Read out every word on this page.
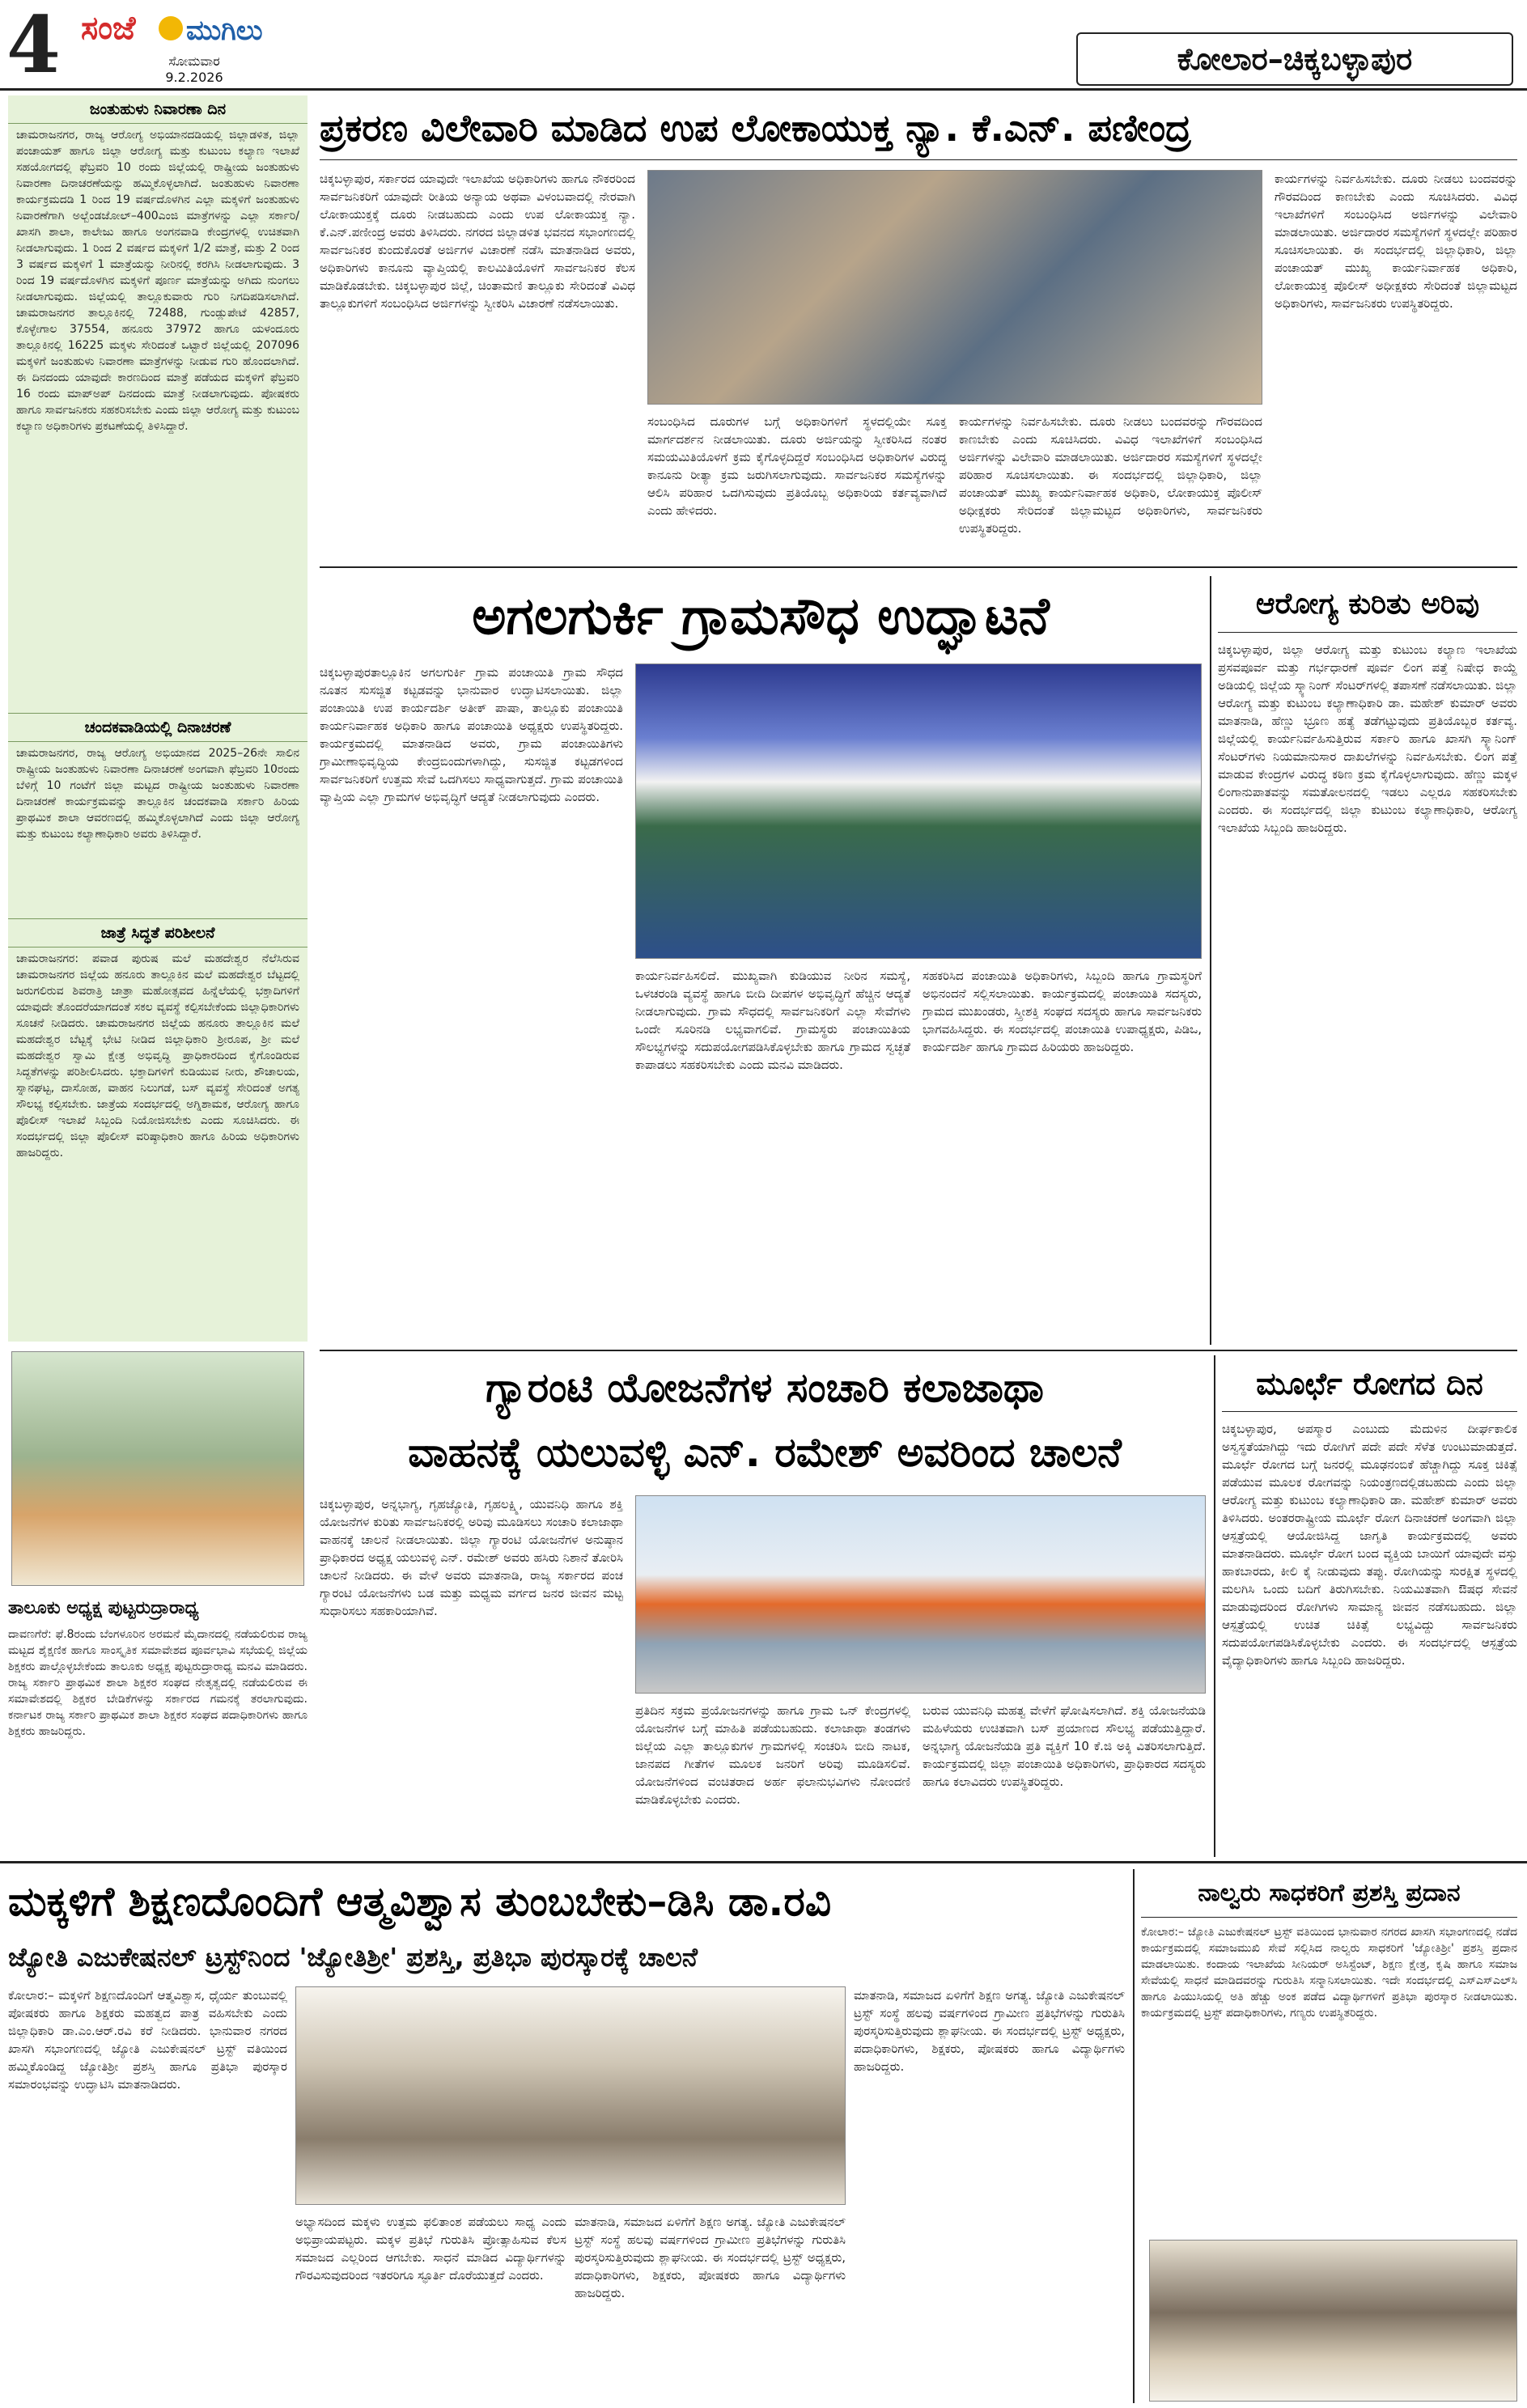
4 ಸಂಜೆ ಮುಗಿಲು
ಸೋಮವಾರ
9.2.2026
ಕೋಲಾರ–ಚಿಕ್ಕಬಳ್ಳಾಪುರ
ಜಂತುಹುಳು ನಿವಾರಣಾ ದಿನ
ಚಾಮರಾಜನಗರ, ರಾಜ್ಯ ಆರೋಗ್ಯ ಅಭಿಯಾನದಡಿಯಲ್ಲಿ ಜಿಲ್ಲಾಡಳಿತ, ಜಿಲ್ಲಾ ಪಂಚಾಯತ್ ಹಾಗೂ ಜಿಲ್ಲಾ ಆರೋಗ್ಯ ಮತ್ತು ಕುಟುಂಬ ಕಲ್ಯಾಣ ಇಲಾಖೆ ಸಹಯೋಗದಲ್ಲಿ ಫೆಬ್ರವರಿ 10 ರಂದು ಜಿಲ್ಲೆಯಲ್ಲಿ ರಾಷ್ಟ್ರೀಯ ಜಂತುಹುಳು ನಿವಾರಣಾ ದಿನಾಚರಣೆಯನ್ನು ಹಮ್ಮಿಕೊಳ್ಳಲಾಗಿದೆ. ಜಂತುಹುಳು ನಿವಾರಣಾ ಕಾರ್ಯಕ್ರಮದಡಿ 1 ರಿಂದ 19 ವರ್ಷದೊಳಗಿನ ಎಲ್ಲಾ ಮಕ್ಕಳಿಗೆ ಜಂತುಹುಳು ನಿವಾರಣೆಗಾಗಿ ಅಲ್ಬೆಂಡಜೋಲ್–400ಎಂಜಿ ಮಾತ್ರೆಗಳನ್ನು ಎಲ್ಲಾ ಸರ್ಕಾರಿ/ಖಾಸಗಿ ಶಾಲಾ, ಕಾಲೇಜು ಹಾಗೂ ಅಂಗನವಾಡಿ ಕೇಂದ್ರಗಳಲ್ಲಿ ಉಚಿತವಾಗಿ ನೀಡಲಾಗುವುದು. 1 ರಿಂದ 2 ವರ್ಷದ ಮಕ್ಕಳಿಗೆ 1/2 ಮಾತ್ರೆ, ಮತ್ತು 2 ರಿಂದ 3 ವರ್ಷದ ಮಕ್ಕಳಿಗೆ 1 ಮಾತ್ರೆಯನ್ನು ನೀರಿನಲ್ಲಿ ಕರಗಿಸಿ ನೀಡಲಾಗುವುದು. 3 ರಿಂದ 19 ವರ್ಷದೊಳಗಿನ ಮಕ್ಕಳಿಗೆ ಪೂರ್ಣ ಮಾತ್ರೆಯನ್ನು ಅಗಿದು ನುಂಗಲು ನೀಡಲಾಗುವುದು. ಜಿಲ್ಲೆಯಲ್ಲಿ ತಾಲ್ಲೂಕುವಾರು ಗುರಿ ನಿಗದಿಪಡಿಸಲಾಗಿದೆ. ಚಾಮರಾಜನಗರ ತಾಲ್ಲೂಕಿನಲ್ಲಿ 72488, ಗುಂಡ್ಲುಪೇಟೆ 42857, ಕೊಳ್ಳೇಗಾಲ 37554, ಹನೂರು 37972 ಹಾಗೂ ಯಳಂದೂರು ತಾಲ್ಲೂಕಿನಲ್ಲಿ 16225 ಮಕ್ಕಳು ಸೇರಿದಂತೆ ಒಟ್ಟಾರೆ ಜಿಲ್ಲೆಯಲ್ಲಿ 207096 ಮಕ್ಕಳಿಗೆ ಜಂತುಹುಳು ನಿವಾರಣಾ ಮಾತ್ರೆಗಳನ್ನು ನೀಡುವ ಗುರಿ ಹೊಂದಲಾಗಿದೆ. ಈ ದಿನದಂದು ಯಾವುದೇ ಕಾರಣದಿಂದ ಮಾತ್ರೆ ಪಡೆಯದ ಮಕ್ಕಳಿಗೆ ಫೆಬ್ರವರಿ 16 ರಂದು ಮಾಪ್‌ಅಪ್ ದಿನದಂದು ಮಾತ್ರೆ ನೀಡಲಾಗುವುದು. ಪೋಷಕರು ಹಾಗೂ ಸಾರ್ವಜನಿಕರು ಸಹಕರಿಸಬೇಕು ಎಂದು ಜಿಲ್ಲಾ ಆರೋಗ್ಯ ಮತ್ತು ಕುಟುಂಬ ಕಲ್ಯಾಣ ಅಧಿಕಾರಿಗಳು ಪ್ರಕಟಣೆಯಲ್ಲಿ ತಿಳಿಸಿದ್ದಾರೆ.
ಚಂದಕವಾಡಿಯಲ್ಲಿ ದಿನಾಚರಣೆ
ಚಾಮರಾಜನಗರ, ರಾಜ್ಯ ಆರೋಗ್ಯ ಅಭಿಯಾನದ 2025–26ನೇ ಸಾಲಿನ ರಾಷ್ಟ್ರೀಯ ಜಂತುಹುಳು ನಿವಾರಣಾ ದಿನಾಚರಣೆ ಅಂಗವಾಗಿ ಫೆಬ್ರವರಿ 10ರಂದು ಬೆಳಿಗ್ಗೆ 10 ಗಂಟೆಗೆ ಜಿಲ್ಲಾ ಮಟ್ಟದ ರಾಷ್ಟ್ರೀಯ ಜಂತುಹುಳು ನಿವಾರಣಾ ದಿನಾಚರಣೆ ಕಾರ್ಯಕ್ರಮವನ್ನು ತಾಲ್ಲೂಕಿನ ಚಂದಕವಾಡಿ ಸರ್ಕಾರಿ ಹಿರಿಯ ಪ್ರಾಥಮಿಕ ಶಾಲಾ ಆವರಣದಲ್ಲಿ ಹಮ್ಮಿಕೊಳ್ಳಲಾಗಿದೆ ಎಂದು ಜಿಲ್ಲಾ ಆರೋಗ್ಯ ಮತ್ತು ಕುಟುಂಬ ಕಲ್ಯಾಣಾಧಿಕಾರಿ ಅವರು ತಿಳಿಸಿದ್ದಾರೆ.
ಜಾತ್ರೆ ಸಿದ್ಧತೆ ಪರಿಶೀಲನೆ
ಚಾಮರಾಜನಗರ: ಪವಾಡ ಪುರುಷ ಮಲೆ ಮಹದೇಶ್ವರ ನೆಲೆಸಿರುವ ಚಾಮರಾಜನಗರ ಜಿಲ್ಲೆಯ ಹನೂರು ತಾಲ್ಲೂಕಿನ ಮಲೆ ಮಹದೇಶ್ವರ ಬೆಟ್ಟದಲ್ಲಿ ಜರುಗಲಿರುವ ಶಿವರಾತ್ರಿ ಜಾತ್ರಾ ಮಹೋತ್ಸವದ ಹಿನ್ನೆಲೆಯಲ್ಲಿ ಭಕ್ತಾದಿಗಳಿಗೆ ಯಾವುದೇ ತೊಂದರೆಯಾಗದಂತೆ ಸಕಲ ವ್ಯವಸ್ಥೆ ಕಲ್ಪಿಸಬೇಕೆಂದು ಜಿಲ್ಲಾಧಿಕಾರಿಗಳು ಸೂಚನೆ ನೀಡಿದರು. ಚಾಮರಾಜನಗರ ಜಿಲ್ಲೆಯ ಹನೂರು ತಾಲ್ಲೂಕಿನ ಮಲೆ ಮಹದೇಶ್ವರ ಬೆಟ್ಟಕ್ಕೆ ಭೇಟಿ ನೀಡಿದ ಜಿಲ್ಲಾಧಿಕಾರಿ ಶ್ರೀರೂಪ, ಶ್ರೀ ಮಲೆ ಮಹದೇಶ್ವರ ಸ್ವಾಮಿ ಕ್ಷೇತ್ರ ಅಭಿವೃದ್ಧಿ ಪ್ರಾಧಿಕಾರದಿಂದ ಕೈಗೊಂಡಿರುವ ಸಿದ್ಧತೆಗಳನ್ನು ಪರಿಶೀಲಿಸಿದರು. ಭಕ್ತಾದಿಗಳಿಗೆ ಕುಡಿಯುವ ನೀರು, ಶೌಚಾಲಯ, ಸ್ನಾನಘಟ್ಟ, ದಾಸೋಹ, ವಾಹನ ನಿಲುಗಡೆ, ಬಸ್ ವ್ಯವಸ್ಥೆ ಸೇರಿದಂತೆ ಅಗತ್ಯ ಸೌಲಭ್ಯ ಕಲ್ಪಿಸಬೇಕು. ಜಾತ್ರೆಯ ಸಂದರ್ಭದಲ್ಲಿ ಅಗ್ನಿಶಾಮಕ, ಆರೋಗ್ಯ ಹಾಗೂ ಪೊಲೀಸ್ ಇಲಾಖೆ ಸಿಬ್ಬಂದಿ ನಿಯೋಜಿಸಬೇಕು ಎಂದು ಸೂಚಿಸಿದರು. ಈ ಸಂದರ್ಭದಲ್ಲಿ ಜಿಲ್ಲಾ ಪೊಲೀಸ್ ವರಿಷ್ಠಾಧಿಕಾರಿ ಹಾಗೂ ಹಿರಿಯ ಅಧಿಕಾರಿಗಳು ಹಾಜರಿದ್ದರು.
ತಾಲೂಕು ಅಧ್ಯಕ್ಷ ಪುಟ್ಟರುದ್ರಾರಾಧ್ಯ
ದಾವಣಗೆರೆ: ಫೆ.8ರಂದು ಬೆಂಗಳೂರಿನ ಅರಮನೆ ಮೈದಾನದಲ್ಲಿ ನಡೆಯಲಿರುವ ರಾಜ್ಯ ಮಟ್ಟದ ಶೈಕ್ಷಣಿಕ ಹಾಗೂ ಸಾಂಸ್ಕೃತಿಕ ಸಮಾವೇಶದ ಪೂರ್ವಭಾವಿ ಸಭೆಯಲ್ಲಿ ಜಿಲ್ಲೆಯ ಶಿಕ್ಷಕರು ಪಾಲ್ಗೊಳ್ಳಬೇಕೆಂದು ತಾಲೂಕು ಅಧ್ಯಕ್ಷ ಪುಟ್ಟರುದ್ರಾರಾಧ್ಯ ಮನವಿ ಮಾಡಿದರು. ರಾಜ್ಯ ಸರ್ಕಾರಿ ಪ್ರಾಥಮಿಕ ಶಾಲಾ ಶಿಕ್ಷಕರ ಸಂಘದ ನೇತೃತ್ವದಲ್ಲಿ ನಡೆಯಲಿರುವ ಈ ಸಮಾವೇಶದಲ್ಲಿ ಶಿಕ್ಷಕರ ಬೇಡಿಕೆಗಳನ್ನು ಸರ್ಕಾರದ ಗಮನಕ್ಕೆ ತರಲಾಗುವುದು. ಕರ್ನಾಟಕ ರಾಜ್ಯ ಸರ್ಕಾರಿ ಪ್ರಾಥಮಿಕ ಶಾಲಾ ಶಿಕ್ಷಕರ ಸಂಘದ ಪದಾಧಿಕಾರಿಗಳು ಹಾಗೂ ಶಿಕ್ಷಕರು ಹಾಜರಿದ್ದರು.
ಪ್ರಕರಣ ವಿಲೇವಾರಿ ಮಾಡಿದ ಉಪ ಲೋಕಾಯುಕ್ತ ನ್ಯಾ. ಕೆ.ಎನ್. ಪಣೀಂದ್ರ
ಚಿಕ್ಕಬಳ್ಳಾಪುರ, ಸರ್ಕಾರದ ಯಾವುದೇ ಇಲಾಖೆಯ ಅಧಿಕಾರಿಗಳು ಹಾಗೂ ನೌಕರರಿಂದ ಸಾರ್ವಜನಿಕರಿಗೆ ಯಾವುದೇ ರೀತಿಯ ಅನ್ಯಾಯ ಅಥವಾ ವಿಳಂಬವಾದಲ್ಲಿ ನೇರವಾಗಿ ಲೋಕಾಯುಕ್ತಕ್ಕೆ ದೂರು ನೀಡಬಹುದು ಎಂದು ಉಪ ಲೋಕಾಯುಕ್ತ ನ್ಯಾ. ಕೆ.ಎನ್.ಪಣೀಂದ್ರ ಅವರು ತಿಳಿಸಿದರು. ನಗರದ ಜಿಲ್ಲಾಡಳಿತ ಭವನದ ಸಭಾಂಗಣದಲ್ಲಿ ಸಾರ್ವಜನಿಕರ ಕುಂದುಕೊರತೆ ಅರ್ಜಿಗಳ ವಿಚಾರಣೆ ನಡೆಸಿ ಮಾತನಾಡಿದ ಅವರು, ಅಧಿಕಾರಿಗಳು ಕಾನೂನು ವ್ಯಾಪ್ತಿಯಲ್ಲಿ ಕಾಲಮಿತಿಯೊಳಗೆ ಸಾರ್ವಜನಿಕರ ಕೆಲಸ ಮಾಡಿಕೊಡಬೇಕು. ಚಿಕ್ಕಬಳ್ಳಾಪುರ ಜಿಲ್ಲೆ, ಚಿಂತಾಮಣಿ ತಾಲ್ಲೂಕು ಸೇರಿದಂತೆ ವಿವಿಧ ತಾಲ್ಲೂಕುಗಳಿಗೆ ಸಂಬಂಧಿಸಿದ ಅರ್ಜಿಗಳನ್ನು ಸ್ವೀಕರಿಸಿ ವಿಚಾರಣೆ ನಡೆಸಲಾಯಿತು.
ಸಂಬಂಧಿಸಿದ ದೂರುಗಳ ಬಗ್ಗೆ ಅಧಿಕಾರಿಗಳಿಗೆ ಸ್ಥಳದಲ್ಲಿಯೇ ಸೂಕ್ತ ಮಾರ್ಗದರ್ಶನ ನೀಡಲಾಯಿತು. ದೂರು ಅರ್ಜಿಯನ್ನು ಸ್ವೀಕರಿಸಿದ ನಂತರ ಸಮಯಮಿತಿಯೊಳಗೆ ಕ್ರಮ ಕೈಗೊಳ್ಳದಿದ್ದರೆ ಸಂಬಂಧಿಸಿದ ಅಧಿಕಾರಿಗಳ ವಿರುದ್ಧ ಕಾನೂನು ರೀತ್ಯಾ ಕ್ರಮ ಜರುಗಿಸಲಾಗುವುದು. ಸಾರ್ವಜನಿಕರ ಸಮಸ್ಯೆಗಳನ್ನು ಆಲಿಸಿ ಪರಿಹಾರ ಒದಗಿಸುವುದು ಪ್ರತಿಯೊಬ್ಬ ಅಧಿಕಾರಿಯ ಕರ್ತವ್ಯವಾಗಿದೆ ಎಂದು ಹೇಳಿದರು.
ಕಾರ್ಯಗಳನ್ನು ನಿರ್ವಹಿಸಬೇಕು. ದೂರು ನೀಡಲು ಬಂದವರನ್ನು ಗೌರವದಿಂದ ಕಾಣಬೇಕು ಎಂದು ಸೂಚಿಸಿದರು. ವಿವಿಧ ಇಲಾಖೆಗಳಿಗೆ ಸಂಬಂಧಿಸಿದ ಅರ್ಜಿಗಳನ್ನು ವಿಲೇವಾರಿ ಮಾಡಲಾಯಿತು. ಅರ್ಜಿದಾರರ ಸಮಸ್ಯೆಗಳಿಗೆ ಸ್ಥಳದಲ್ಲೇ ಪರಿಹಾರ ಸೂಚಿಸಲಾಯಿತು. ಈ ಸಂದರ್ಭದಲ್ಲಿ ಜಿಲ್ಲಾಧಿಕಾರಿ, ಜಿಲ್ಲಾ ಪಂಚಾಯತ್ ಮುಖ್ಯ ಕಾರ್ಯನಿರ್ವಾಹಕ ಅಧಿಕಾರಿ, ಲೋಕಾಯುಕ್ತ ಪೊಲೀಸ್ ಅಧೀಕ್ಷಕರು ಸೇರಿದಂತೆ ಜಿಲ್ಲಾಮಟ್ಟದ ಅಧಿಕಾರಿಗಳು, ಸಾರ್ವಜನಿಕರು ಉಪಸ್ಥಿತರಿದ್ದರು.
ಕಾರ್ಯಗಳನ್ನು ನಿರ್ವಹಿಸಬೇಕು. ದೂರು ನೀಡಲು ಬಂದವರನ್ನು ಗೌರವದಿಂದ ಕಾಣಬೇಕು ಎಂದು ಸೂಚಿಸಿದರು. ವಿವಿಧ ಇಲಾಖೆಗಳಿಗೆ ಸಂಬಂಧಿಸಿದ ಅರ್ಜಿಗಳನ್ನು ವಿಲೇವಾರಿ ಮಾಡಲಾಯಿತು. ಅರ್ಜಿದಾರರ ಸಮಸ್ಯೆಗಳಿಗೆ ಸ್ಥಳದಲ್ಲೇ ಪರಿಹಾರ ಸೂಚಿಸಲಾಯಿತು. ಈ ಸಂದರ್ಭದಲ್ಲಿ ಜಿಲ್ಲಾಧಿಕಾರಿ, ಜಿಲ್ಲಾ ಪಂಚಾಯತ್ ಮುಖ್ಯ ಕಾರ್ಯನಿರ್ವಾಹಕ ಅಧಿಕಾರಿ, ಲೋಕಾಯುಕ್ತ ಪೊಲೀಸ್ ಅಧೀಕ್ಷಕರು ಸೇರಿದಂತೆ ಜಿಲ್ಲಾಮಟ್ಟದ ಅಧಿಕಾರಿಗಳು, ಸಾರ್ವಜನಿಕರು ಉಪಸ್ಥಿತರಿದ್ದರು.
ಅಗಲಗುರ್ಕಿ ಗ್ರಾಮಸೌಧ ಉದ್ಘಾಟನೆ
ಚಿಕ್ಕಬಳ್ಳಾಪುರತಾಲ್ಲೂಕಿನ ಅಗಲಗುರ್ಕಿ ಗ್ರಾಮ ಪಂಚಾಯಿತಿ ಗ್ರಾಮ ಸೌಧದ ನೂತನ ಸುಸಜ್ಜಿತ ಕಟ್ಟಡವನ್ನು ಭಾನುವಾರ ಉದ್ಘಾಟಿಸಲಾಯಿತು. ಜಿಲ್ಲಾ ಪಂಚಾಯಿತಿ ಉಪ ಕಾರ್ಯದರ್ಶಿ ಅತೀಕ್ ಪಾಷಾ, ತಾಲ್ಲೂಕು ಪಂಚಾಯಿತಿ ಕಾರ್ಯನಿರ್ವಾಹಕ ಅಧಿಕಾರಿ ಹಾಗೂ ಪಂಚಾಯಿತಿ ಅಧ್ಯಕ್ಷರು ಉಪಸ್ಥಿತರಿದ್ದರು. ಕಾರ್ಯಕ್ರಮದಲ್ಲಿ ಮಾತನಾಡಿದ ಅವರು, ಗ್ರಾಮ ಪಂಚಾಯಿತಿಗಳು ಗ್ರಾಮೀಣಾಭಿವೃದ್ಧಿಯ ಕೇಂದ್ರಬಿಂದುಗಳಾಗಿದ್ದು, ಸುಸಜ್ಜಿತ ಕಟ್ಟಡಗಳಿಂದ ಸಾರ್ವಜನಿಕರಿಗೆ ಉತ್ತಮ ಸೇವೆ ಒದಗಿಸಲು ಸಾಧ್ಯವಾಗುತ್ತದೆ. ಗ್ರಾಮ ಪಂಚಾಯಿತಿ ವ್ಯಾಪ್ತಿಯ ಎಲ್ಲಾ ಗ್ರಾಮಗಳ ಅಭಿವೃದ್ಧಿಗೆ ಆದ್ಯತೆ ನೀಡಲಾಗುವುದು ಎಂದರು.
ಕಾರ್ಯನಿರ್ವಹಿಸಲಿದೆ. ಮುಖ್ಯವಾಗಿ ಕುಡಿಯುವ ನೀರಿನ ಸಮಸ್ಯೆ, ಒಳಚರಂಡಿ ವ್ಯವಸ್ಥೆ ಹಾಗೂ ಬೀದಿ ದೀಪಗಳ ಅಭಿವೃದ್ಧಿಗೆ ಹೆಚ್ಚಿನ ಆದ್ಯತೆ ನೀಡಲಾಗುವುದು. ಗ್ರಾಮ ಸೌಧದಲ್ಲಿ ಸಾರ್ವಜನಿಕರಿಗೆ ಎಲ್ಲಾ ಸೇವೆಗಳು ಒಂದೇ ಸೂರಿನಡಿ ಲಭ್ಯವಾಗಲಿವೆ. ಗ್ರಾಮಸ್ಥರು ಪಂಚಾಯಿತಿಯ ಸೌಲಭ್ಯಗಳನ್ನು ಸದುಪಯೋಗಪಡಿಸಿಕೊಳ್ಳಬೇಕು ಹಾಗೂ ಗ್ರಾಮದ ಸ್ವಚ್ಛತೆ ಕಾಪಾಡಲು ಸಹಕರಿಸಬೇಕು ಎಂದು ಮನವಿ ಮಾಡಿದರು.
ಸಹಕರಿಸಿದ ಪಂಚಾಯಿತಿ ಅಧಿಕಾರಿಗಳು, ಸಿಬ್ಬಂದಿ ಹಾಗೂ ಗ್ರಾಮಸ್ಥರಿಗೆ ಅಭಿನಂದನೆ ಸಲ್ಲಿಸಲಾಯಿತು. ಕಾರ್ಯಕ್ರಮದಲ್ಲಿ ಪಂಚಾಯಿತಿ ಸದಸ್ಯರು, ಗ್ರಾಮದ ಮುಖಂಡರು, ಸ್ತ್ರೀಶಕ್ತಿ ಸಂಘದ ಸದಸ್ಯರು ಹಾಗೂ ಸಾರ್ವಜನಿಕರು ಭಾಗವಹಿಸಿದ್ದರು. ಈ ಸಂದರ್ಭದಲ್ಲಿ ಪಂಚಾಯಿತಿ ಉಪಾಧ್ಯಕ್ಷರು, ಪಿಡಿಒ, ಕಾರ್ಯದರ್ಶಿ ಹಾಗೂ ಗ್ರಾಮದ ಹಿರಿಯರು ಹಾಜರಿದ್ದರು.
ಆರೋಗ್ಯ ಕುರಿತು ಅರಿವು
ಚಿಕ್ಕಬಳ್ಳಾಪುರ, ಜಿಲ್ಲಾ ಆರೋಗ್ಯ ಮತ್ತು ಕುಟುಂಬ ಕಲ್ಯಾಣ ಇಲಾಖೆಯ ಪ್ರಸವಪೂರ್ವ ಮತ್ತು ಗರ್ಭಧಾರಣೆ ಪೂರ್ವ ಲಿಂಗ ಪತ್ತೆ ನಿಷೇಧ ಕಾಯ್ದೆ ಅಡಿಯಲ್ಲಿ ಜಿಲ್ಲೆಯ ಸ್ಕ್ಯಾನಿಂಗ್ ಸೆಂಟರ್‌ಗಳಲ್ಲಿ ತಪಾಸಣೆ ನಡೆಸಲಾಯಿತು. ಜಿಲ್ಲಾ ಆರೋಗ್ಯ ಮತ್ತು ಕುಟುಂಬ ಕಲ್ಯಾಣಾಧಿಕಾರಿ ಡಾ. ಮಹೇಶ್ ಕುಮಾರ್ ಅವರು ಮಾತನಾಡಿ, ಹೆಣ್ಣು ಭ್ರೂಣ ಹತ್ಯೆ ತಡೆಗಟ್ಟುವುದು ಪ್ರತಿಯೊಬ್ಬರ ಕರ್ತವ್ಯ. ಜಿಲ್ಲೆಯಲ್ಲಿ ಕಾರ್ಯನಿರ್ವಹಿಸುತ್ತಿರುವ ಸರ್ಕಾರಿ ಹಾಗೂ ಖಾಸಗಿ ಸ್ಕ್ಯಾನಿಂಗ್ ಸೆಂಟರ್‌ಗಳು ನಿಯಮಾನುಸಾರ ದಾಖಲೆಗಳನ್ನು ನಿರ್ವಹಿಸಬೇಕು. ಲಿಂಗ ಪತ್ತೆ ಮಾಡುವ ಕೇಂದ್ರಗಳ ವಿರುದ್ಧ ಕಠಿಣ ಕ್ರಮ ಕೈಗೊಳ್ಳಲಾಗುವುದು. ಹೆಣ್ಣು ಮಕ್ಕಳ ಲಿಂಗಾನುಪಾತವನ್ನು ಸಮತೋಲನದಲ್ಲಿ ಇಡಲು ಎಲ್ಲರೂ ಸಹಕರಿಸಬೇಕು ಎಂದರು. ಈ ಸಂದರ್ಭದಲ್ಲಿ ಜಿಲ್ಲಾ ಕುಟುಂಬ ಕಲ್ಯಾಣಾಧಿಕಾರಿ, ಆರೋಗ್ಯ ಇಲಾಖೆಯ ಸಿಬ್ಬಂದಿ ಹಾಜರಿದ್ದರು.
ಗ್ಯಾರಂಟಿ ಯೋಜನೆಗಳ ಸಂಚಾರಿ ಕಲಾಜಾಥಾ
ವಾಹನಕ್ಕೆ ಯಲುವಳ್ಳಿ ಎನ್. ರಮೇಶ್ ಅವರಿಂದ ಚಾಲನೆ
ಚಿಕ್ಕಬಳ್ಳಾಪುರ, ಅನ್ನಭಾಗ್ಯ, ಗೃಹಜ್ಯೋತಿ, ಗೃಹಲಕ್ಷ್ಮಿ, ಯುವನಿಧಿ ಹಾಗೂ ಶಕ್ತಿ ಯೋಜನೆಗಳ ಕುರಿತು ಸಾರ್ವಜನಿಕರಲ್ಲಿ ಅರಿವು ಮೂಡಿಸಲು ಸಂಚಾರಿ ಕಲಾಜಾಥಾ ವಾಹನಕ್ಕೆ ಚಾಲನೆ ನೀಡಲಾಯಿತು. ಜಿಲ್ಲಾ ಗ್ಯಾರಂಟಿ ಯೋಜನೆಗಳ ಅನುಷ್ಠಾನ ಪ್ರಾಧಿಕಾರದ ಅಧ್ಯಕ್ಷ ಯಲುವಳ್ಳಿ ಎನ್. ರಮೇಶ್ ಅವರು ಹಸಿರು ನಿಶಾನೆ ತೋರಿಸಿ ಚಾಲನೆ ನೀಡಿದರು. ಈ ವೇಳೆ ಅವರು ಮಾತನಾಡಿ, ರಾಜ್ಯ ಸರ್ಕಾರದ ಪಂಚ ಗ್ಯಾರಂಟಿ ಯೋಜನೆಗಳು ಬಡ ಮತ್ತು ಮಧ್ಯಮ ವರ್ಗದ ಜನರ ಜೀವನ ಮಟ್ಟ ಸುಧಾರಿಸಲು ಸಹಕಾರಿಯಾಗಿವೆ.
ಪ್ರತಿದಿನ ಸಕ್ರಮ ಪ್ರಯೋಜನಗಳನ್ನು ಹಾಗೂ ಗ್ರಾಮ ಒನ್ ಕೇಂದ್ರಗಳಲ್ಲಿ ಯೋಜನೆಗಳ ಬಗ್ಗೆ ಮಾಹಿತಿ ಪಡೆಯಬಹುದು. ಕಲಾಜಾಥಾ ತಂಡಗಳು ಜಿಲ್ಲೆಯ ಎಲ್ಲಾ ತಾಲ್ಲೂಕುಗಳ ಗ್ರಾಮಗಳಲ್ಲಿ ಸಂಚರಿಸಿ ಬೀದಿ ನಾಟಕ, ಜಾನಪದ ಗೀತೆಗಳ ಮೂಲಕ ಜನರಿಗೆ ಅರಿವು ಮೂಡಿಸಲಿವೆ. ಯೋಜನೆಗಳಿಂದ ವಂಚಿತರಾದ ಅರ್ಹ ಫಲಾನುಭವಿಗಳು ನೋಂದಣಿ ಮಾಡಿಕೊಳ್ಳಬೇಕು ಎಂದರು.
ಬರುವ ಯುವನಿಧಿ ಮಹತ್ವ ವೇಳೆಗೆ ಘೋಷಿಸಲಾಗಿದೆ. ಶಕ್ತಿ ಯೋಜನೆಯಡಿ ಮಹಿಳೆಯರು ಉಚಿತವಾಗಿ ಬಸ್ ಪ್ರಯಾಣದ ಸೌಲಭ್ಯ ಪಡೆಯುತ್ತಿದ್ದಾರೆ. ಅನ್ನಭಾಗ್ಯ ಯೋಜನೆಯಡಿ ಪ್ರತಿ ವ್ಯಕ್ತಿಗೆ 10 ಕೆ.ಜಿ ಅಕ್ಕಿ ವಿತರಿಸಲಾಗುತ್ತಿದೆ. ಕಾರ್ಯಕ್ರಮದಲ್ಲಿ ಜಿಲ್ಲಾ ಪಂಚಾಯಿತಿ ಅಧಿಕಾರಿಗಳು, ಪ್ರಾಧಿಕಾರದ ಸದಸ್ಯರು ಹಾಗೂ ಕಲಾವಿದರು ಉಪಸ್ಥಿತರಿದ್ದರು.
ಮೂರ್ಛೆ ರೋಗದ ದಿನ
ಚಿಕ್ಕಬಳ್ಳಾಪುರ, ಅಪಸ್ಮಾರ ಎಂಬುದು ಮೆದುಳಿನ ದೀರ್ಘಕಾಲಿಕ ಅಸ್ವಸ್ಥತೆಯಾಗಿದ್ದು ಇದು ರೋಗಿಗೆ ಪದೇ ಪದೇ ಸೆಳೆತ ಉಂಟುಮಾಡುತ್ತದೆ. ಮೂರ್ಛೆ ರೋಗದ ಬಗ್ಗೆ ಜನರಲ್ಲಿ ಮೂಢನಂಬಿಕೆ ಹೆಚ್ಚಾಗಿದ್ದು ಸೂಕ್ತ ಚಿಕಿತ್ಸೆ ಪಡೆಯುವ ಮೂಲಕ ರೋಗವನ್ನು ನಿಯಂತ್ರಣದಲ್ಲಿಡಬಹುದು ಎಂದು ಜಿಲ್ಲಾ ಆರೋಗ್ಯ ಮತ್ತು ಕುಟುಂಬ ಕಲ್ಯಾಣಾಧಿಕಾರಿ ಡಾ. ಮಹೇಶ್ ಕುಮಾರ್ ಅವರು ತಿಳಿಸಿದರು. ಅಂತರರಾಷ್ಟ್ರೀಯ ಮೂರ್ಛೆ ರೋಗ ದಿನಾಚರಣೆ ಅಂಗವಾಗಿ ಜಿಲ್ಲಾ ಆಸ್ಪತ್ರೆಯಲ್ಲಿ ಆಯೋಜಿಸಿದ್ದ ಜಾಗೃತಿ ಕಾರ್ಯಕ್ರಮದಲ್ಲಿ ಅವರು ಮಾತನಾಡಿದರು. ಮೂರ್ಛೆ ರೋಗ ಬಂದ ವ್ಯಕ್ತಿಯ ಬಾಯಿಗೆ ಯಾವುದೇ ವಸ್ತು ಹಾಕಬಾರದು, ಕೀಲಿ ಕೈ ನೀಡುವುದು ತಪ್ಪು. ರೋಗಿಯನ್ನು ಸುರಕ್ಷಿತ ಸ್ಥಳದಲ್ಲಿ ಮಲಗಿಸಿ ಒಂದು ಬದಿಗೆ ತಿರುಗಿಸಬೇಕು. ನಿಯಮಿತವಾಗಿ ಔಷಧ ಸೇವನೆ ಮಾಡುವುದರಿಂದ ರೋಗಿಗಳು ಸಾಮಾನ್ಯ ಜೀವನ ನಡೆಸಬಹುದು. ಜಿಲ್ಲಾ ಆಸ್ಪತ್ರೆಯಲ್ಲಿ ಉಚಿತ ಚಿಕಿತ್ಸೆ ಲಭ್ಯವಿದ್ದು ಸಾರ್ವಜನಿಕರು ಸದುಪಯೋಗಪಡಿಸಿಕೊಳ್ಳಬೇಕು ಎಂದರು. ಈ ಸಂದರ್ಭದಲ್ಲಿ ಆಸ್ಪತ್ರೆಯ ವೈದ್ಯಾಧಿಕಾರಿಗಳು ಹಾಗೂ ಸಿಬ್ಬಂದಿ ಹಾಜರಿದ್ದರು.
ಮಕ್ಕಳಿಗೆ ಶಿಕ್ಷಣದೊಂದಿಗೆ ಆತ್ಮವಿಶ್ವಾಸ ತುಂಬಬೇಕು–ಡಿಸಿ ಡಾ.ರವಿ
ಜ್ಯೋತಿ ಎಜುಕೇಷನಲ್ ಟ್ರಸ್ಟ್‌ನಿಂದ 'ಜ್ಯೋತಿಶ್ರೀ' ಪ್ರಶಸ್ತಿ, ಪ್ರತಿಭಾ ಪುರಸ್ಕಾರಕ್ಕೆ ಚಾಲನೆ
ಕೋಲಾರ:– ಮಕ್ಕಳಿಗೆ ಶಿಕ್ಷಣದೊಂದಿಗೆ ಆತ್ಮವಿಶ್ವಾಸ, ಧೈರ್ಯ ತುಂಬುವಲ್ಲಿ ಪೋಷಕರು ಹಾಗೂ ಶಿಕ್ಷಕರು ಮಹತ್ವದ ಪಾತ್ರ ವಹಿಸಬೇಕು ಎಂದು ಜಿಲ್ಲಾಧಿಕಾರಿ ಡಾ.ಎಂ.ಆರ್.ರವಿ ಕರೆ ನೀಡಿದರು. ಭಾನುವಾರ ನಗರದ ಖಾಸಗಿ ಸಭಾಂಗಣದಲ್ಲಿ ಜ್ಯೋತಿ ಎಜುಕೇಷನಲ್ ಟ್ರಸ್ಟ್ ವತಿಯಿಂದ ಹಮ್ಮಿಕೊಂಡಿದ್ದ ಜ್ಯೋತಿಶ್ರೀ ಪ್ರಶಸ್ತಿ ಹಾಗೂ ಪ್ರತಿಭಾ ಪುರಸ್ಕಾರ ಸಮಾರಂಭವನ್ನು ಉದ್ಘಾಟಿಸಿ ಮಾತನಾಡಿದರು.
ಅಭ್ಯಾಸದಿಂದ ಮಕ್ಕಳು ಉತ್ತಮ ಫಲಿತಾಂಶ ಪಡೆಯಲು ಸಾಧ್ಯ ಎಂದು ಅಭಿಪ್ರಾಯಪಟ್ಟರು. ಮಕ್ಕಳ ಪ್ರತಿಭೆ ಗುರುತಿಸಿ ಪ್ರೋತ್ಸಾಹಿಸುವ ಕೆಲಸ ಸಮಾಜದ ಎಲ್ಲರಿಂದ ಆಗಬೇಕು. ಸಾಧನೆ ಮಾಡಿದ ವಿದ್ಯಾರ್ಥಿಗಳನ್ನು ಗೌರವಿಸುವುದರಿಂದ ಇತರರಿಗೂ ಸ್ಫೂರ್ತಿ ದೊರೆಯುತ್ತದೆ ಎಂದರು.
ಮಾತನಾಡಿ, ಸಮಾಜದ ಏಳಿಗೆಗೆ ಶಿಕ್ಷಣ ಅಗತ್ಯ. ಜ್ಯೋತಿ ಎಜುಕೇಷನಲ್ ಟ್ರಸ್ಟ್ ಸಂಸ್ಥೆ ಹಲವು ವರ್ಷಗಳಿಂದ ಗ್ರಾಮೀಣ ಪ್ರತಿಭೆಗಳನ್ನು ಗುರುತಿಸಿ ಪುರಸ್ಕರಿಸುತ್ತಿರುವುದು ಶ್ಲಾಘನೀಯ. ಈ ಸಂದರ್ಭದಲ್ಲಿ ಟ್ರಸ್ಟ್ ಅಧ್ಯಕ್ಷರು, ಪದಾಧಿಕಾರಿಗಳು, ಶಿಕ್ಷಕರು, ಪೋಷಕರು ಹಾಗೂ ವಿದ್ಯಾರ್ಥಿಗಳು ಹಾಜರಿದ್ದರು.
ಮಾತನಾಡಿ, ಸಮಾಜದ ಏಳಿಗೆಗೆ ಶಿಕ್ಷಣ ಅಗತ್ಯ. ಜ್ಯೋತಿ ಎಜುಕೇಷನಲ್ ಟ್ರಸ್ಟ್ ಸಂಸ್ಥೆ ಹಲವು ವರ್ಷಗಳಿಂದ ಗ್ರಾಮೀಣ ಪ್ರತಿಭೆಗಳನ್ನು ಗುರುತಿಸಿ ಪುರಸ್ಕರಿಸುತ್ತಿರುವುದು ಶ್ಲಾಘನೀಯ. ಈ ಸಂದರ್ಭದಲ್ಲಿ ಟ್ರಸ್ಟ್ ಅಧ್ಯಕ್ಷರು, ಪದಾಧಿಕಾರಿಗಳು, ಶಿಕ್ಷಕರು, ಪೋಷಕರು ಹಾಗೂ ವಿದ್ಯಾರ್ಥಿಗಳು ಹಾಜರಿದ್ದರು.
ನಾಲ್ವರು ಸಾಧಕರಿಗೆ ಪ್ರಶಸ್ತಿ ಪ್ರದಾನ
ಕೋಲಾರ:– ಜ್ಯೋತಿ ಎಜುಕೇಷನಲ್ ಟ್ರಸ್ಟ್ ವತಿಯಿಂದ ಭಾನುವಾರ ನಗರದ ಖಾಸಗಿ ಸಭಾಂಗಣದಲ್ಲಿ ನಡೆದ ಕಾರ್ಯಕ್ರಮದಲ್ಲಿ ಸಮಾಜಮುಖಿ ಸೇವೆ ಸಲ್ಲಿಸಿದ ನಾಲ್ವರು ಸಾಧಕರಿಗೆ 'ಜ್ಯೋತಿಶ್ರೀ' ಪ್ರಶಸ್ತಿ ಪ್ರದಾನ ಮಾಡಲಾಯಿತು. ಕಂದಾಯ ಇಲಾಖೆಯ ಸೀನಿಯರ್ ಅಸಿಸ್ಟೆಂಟ್, ಶಿಕ್ಷಣ ಕ್ಷೇತ್ರ, ಕೃಷಿ ಹಾಗೂ ಸಮಾಜ ಸೇವೆಯಲ್ಲಿ ಸಾಧನೆ ಮಾಡಿದವರನ್ನು ಗುರುತಿಸಿ ಸನ್ಮಾನಿಸಲಾಯಿತು. ಇದೇ ಸಂದರ್ಭದಲ್ಲಿ ಎಸ್‌ಎಸ್‌ಎಲ್‌ಸಿ ಹಾಗೂ ಪಿಯುಸಿಯಲ್ಲಿ ಅತಿ ಹೆಚ್ಚು ಅಂಕ ಪಡೆದ ವಿದ್ಯಾರ್ಥಿಗಳಿಗೆ ಪ್ರತಿಭಾ ಪುರಸ್ಕಾರ ನೀಡಲಾಯಿತು. ಕಾರ್ಯಕ್ರಮದಲ್ಲಿ ಟ್ರಸ್ಟ್ ಪದಾಧಿಕಾರಿಗಳು, ಗಣ್ಯರು ಉಪಸ್ಥಿತರಿದ್ದರು.
